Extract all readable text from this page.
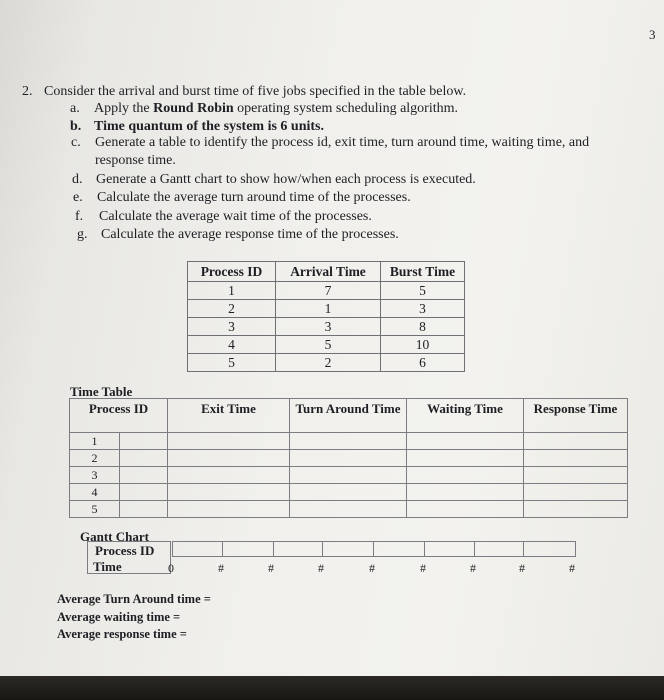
3
2. Consider the arrival and burst time of five jobs specified in the table below.
a. Apply the Round Robin operating system scheduling algorithm.
b. Time quantum of the system is 6 units.
c. Generate a table to identify the process id, exit time, turn around time, waiting time, and
response time.
d. Generate a Gantt chart to show how/when each process is executed.
e. Calculate the average turn around time of the processes.
f. Calculate the average wait time of the processes.
g. Calculate the average response time of the processes.
Process ID	Arrival Time	Burst Time
1	7	5
2	1	3
3	3	8
4	5	10
5	2	6
Time Table
Process ID		Exit Time	Turn Around Time	Waiting Time	Response Time
1					
2					
3					
4					
5					
Gantt Chart
Process ID
Time	0	#	#	#	#	#	#	#	#
Average Turn Around time =
Average waiting time =
Average response time =
